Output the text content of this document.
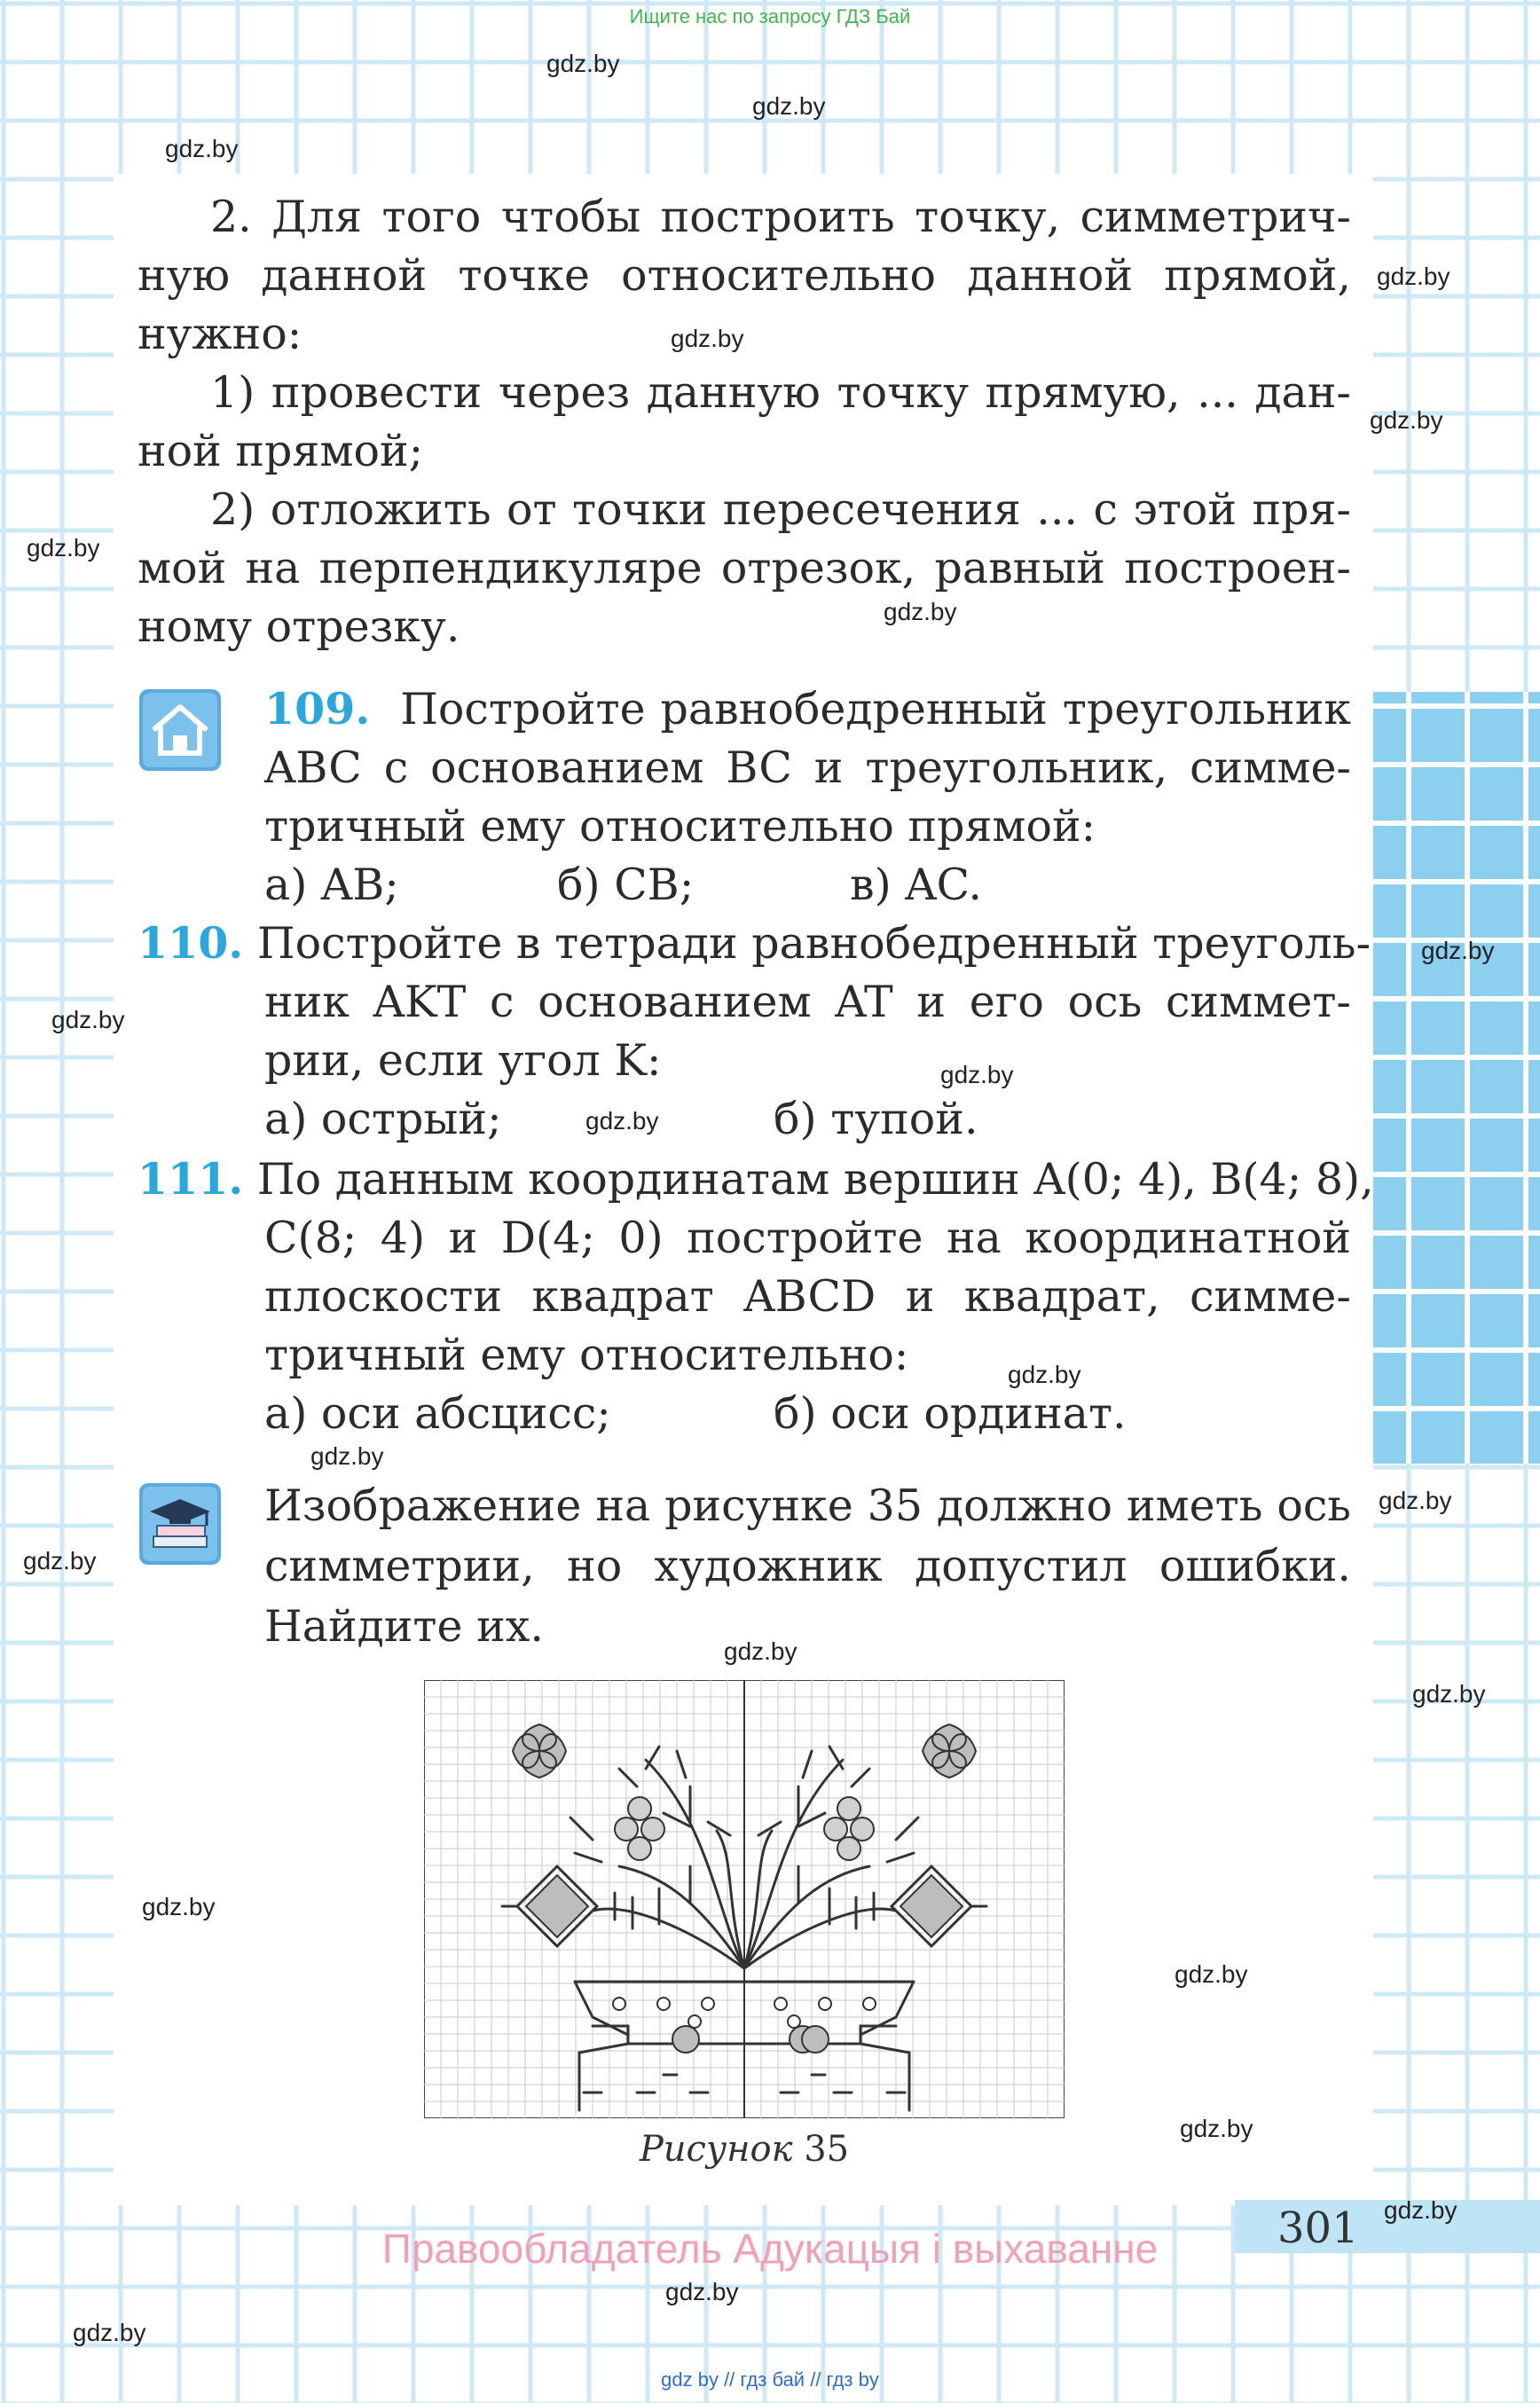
Ищите нас по запросу ГДЗ Бай
2. Для того чтобы построить точку, симметрич-
ную данной точке относительно данной прямой,
нужно:
1) провести через данную точку прямую, ... дан-
ной прямой;
2) отложить от точки пересечения ... с этой пря-
мой на перпендикуляре отрезок, равный построен-
ному отрезку.
109. Постройте равнобедренный треугольник
ABC с основанием BC и треугольник, симме-
тричный ему относительно прямой:
а) AB;	б) CB;	в) AC.
110. Постройте в тетради равнобедренный треуголь-
ник AKT с основанием AT и его ось симмет-
рии, если угол K:
а) острый;	б) тупой.
111. По данным координатам вершин A(0; 4), B(4; 8),
C(8; 4) и D(4; 0) постройте на координатной
плоскости квадрат ABCD и квадрат, симме-
тричный ему относительно:
а) оси абсцисс;	б) оси ординат.
Изображение на рисунке 35 должно иметь ось
симметрии, но художник допустил ошибки.
Найдите их.
Рисунок 35
301
Правообладатель Адукацыя і выхаванне
gdz by // гдз бай // гдз by
gdz.by
gdz.by
gdz.by
gdz.by
gdz.by
gdz.by
gdz.by
gdz.by
gdz.by
gdz.by
gdz.by
gdz.by
gdz.by
gdz.by
gdz.by
gdz.by
gdz.by
gdz.by
gdz.by
gdz.by
gdz.by
gdz.by
gdz.by
gdz.by
